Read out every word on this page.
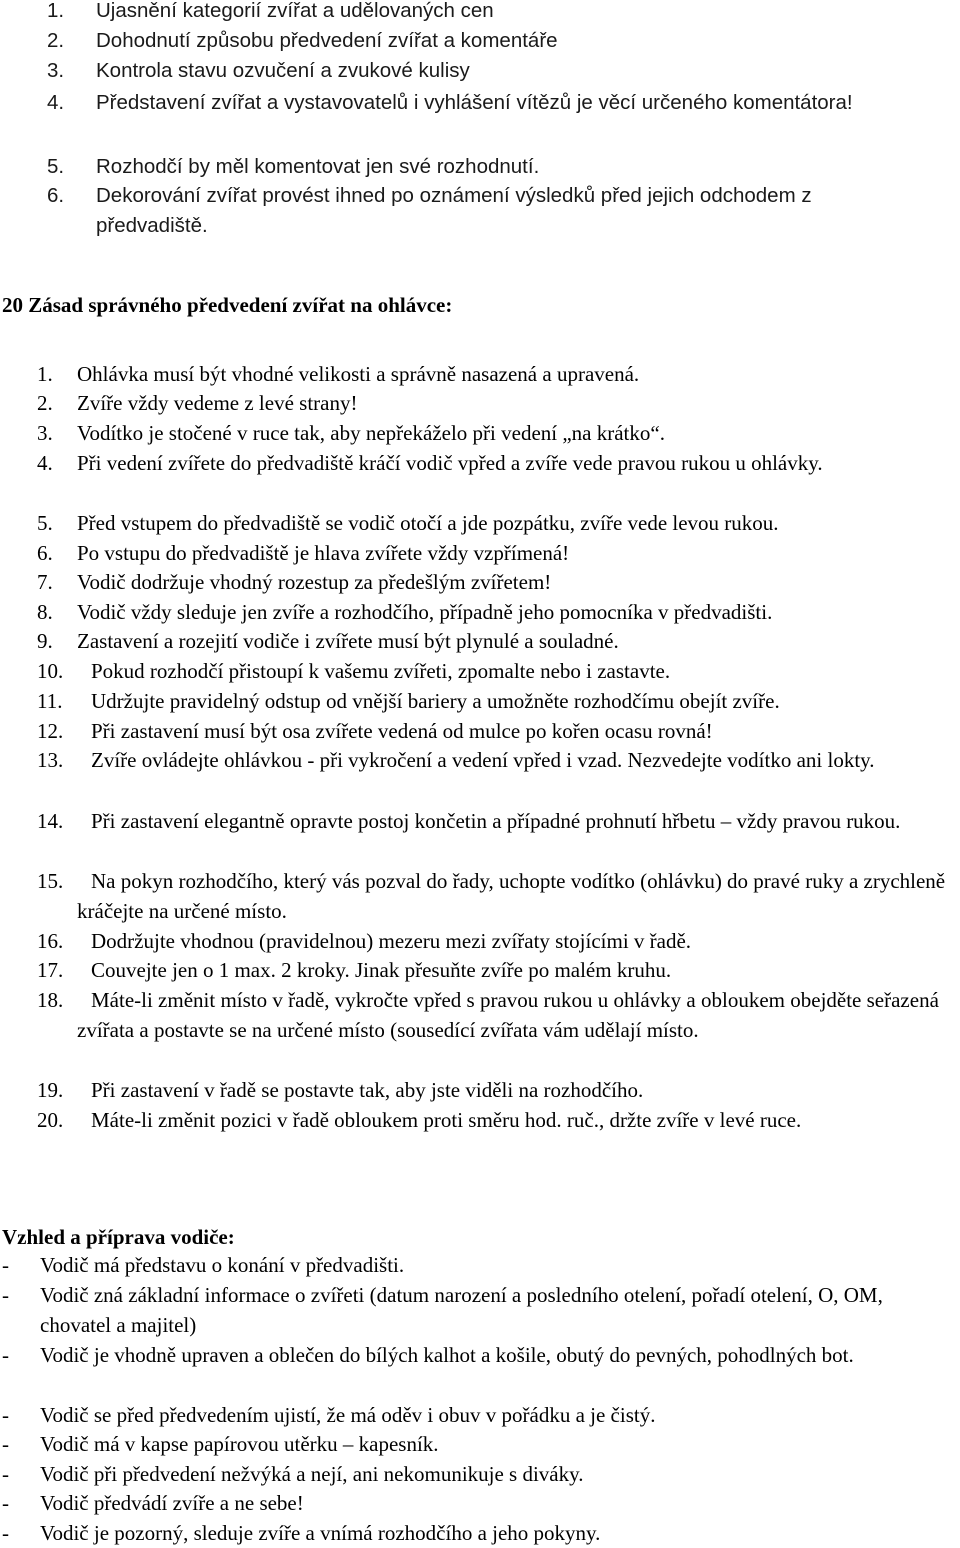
1. Ujasnění kategorií zvířat a udělovaných cen
2. Dohodnutí způsobu předvedení zvířat a komentáře
3. Kontrola stavu ozvučení a zvukové kulisy
4. Představení zvířat a vystavovatelů i vyhlášení vítězů je věcí určeného komentátora!
5. Rozhodčí by měl komentovat jen své rozhodnutí.
6. Dekorování zvířat provést ihned po oznámení výsledků před jejich odchodem z předvadiště.
20 Zásad správného předvedení zvířat na ohlávce:
1. Ohlávka musí být vhodné velikosti a správně nasazená a upravená.
2. Zvíře vždy vedeme z levé strany!
3. Vodítko je stočené v ruce tak, aby nepřekáželo při vedení „na krátko“.
4. Při vedení zvířete do předvadiště kráčí vodič vpřed a zvíře vede pravou rukou u ohlávky.
5. Před vstupem do předvadiště se vodič otočí a jde pozpátku, zvíře vede levou rukou.
6. Po vstupu do předvadiště je hlava zvířete vždy vzpřímená!
7. Vodič dodržuje vhodný rozestup za předešlým zvířetem!
8. Vodič vždy sleduje jen zvíře a rozhodčího, případně jeho pomocníka v předvadišti.
9. Zastavení a rozejití vodiče i zvířete musí být plynulé a souladné.
10. Pokud rozhodčí přistoupí k vašemu zvířeti, zpomalte nebo i zastavte.
11. Udržujte pravidelný odstup od vnější bariery a umožněte rozhodčímu obejít zvíře.
12. Při zastavení musí být osa zvířete vedená od mulce po kořen ocasu rovná!
13.	Zvíře ovládejte ohlávkou - při vykročení a vedení vpřed i vzad. Nezvedejte vodítko ani lokty.
14.	Při zastavení elegantně opravte postoj končetin a případné prohnutí hřbetu – vždy pravou rukou.
15.	Na pokyn rozhodčího, který vás pozval do řady, uchopte vodítko (ohlávku) do pravé ruky a zrychleně kráčejte na určené místo.
16. Dodržujte vhodnou (pravidelnou) mezeru mezi zvířaty stojícími v řadě.
17. Couvejte jen o 1 max. 2 kroky. Jinak přesuňte zvíře po malém kruhu.
18.	Máte-li změnit místo v řadě, vykročte vpřed s pravou rukou u ohlávky a obloukem obejděte seřazená zvířata a postavte se na určené místo (sousedící zvířata vám udělají místo.
19. Při zastavení v řadě se postavte tak, aby jste viděli na rozhodčího.
20. Máte-li změnit pozici v řadě obloukem proti směru hod. ruč., držte zvíře v levé ruce.
Vzhled a příprava vodiče:
- Vodič má představu o konání v předvadišti.
- Vodič zná základní informace o zvířeti (datum narození a posledního otelení, pořadí otelení, O, OM, chovatel a majitel)
- Vodič je vhodně upraven a oblečen do bílých kalhot a košile, obutý do pevných, pohodlných bot.
- Vodič se před předvedením ujistí, že má oděv i obuv v pořádku a je čistý.
- Vodič má v kapse papírovou utěrku – kapesník.
- Vodič při předvedení nežvýká a nejí, ani nekomunikuje s diváky.
- Vodič předvádí zvíře a ne sebe!
- Vodič je pozorný, sleduje zvíře a vnímá rozhodčího a jeho pokyny.
